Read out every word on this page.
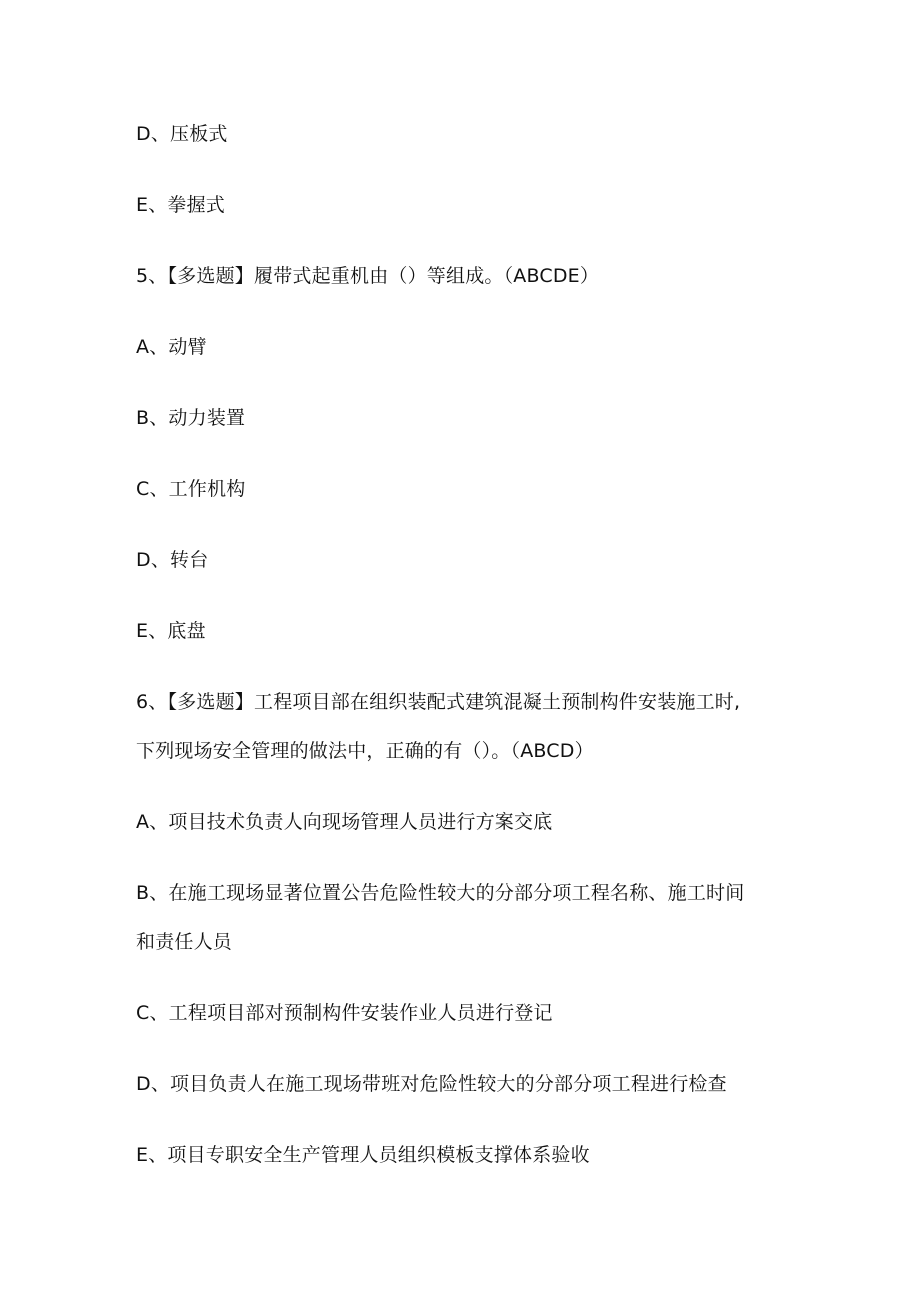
D、压板式
E、拳握式
5、【多选题】履带式起重机由（）等组成。（ABCDE）
A、动臂
B、动力装置
C、工作机构
D、转台
E、底盘
6、【多选题】工程项目部在组织装配式建筑混凝土预制构件安装施工时,
下列现场安全管理的做法中，正确的有（）。（ABCD）
A、项目技术负责人向现场管理人员进行方案交底
B、在施工现场显著位置公告危险性较大的分部分项工程名称、施工时间
和责任人员
C、工程项目部对预制构件安装作业人员进行登记
D、项目负责人在施工现场带班对危险性较大的分部分项工程进行检查
E、项目专职安全生产管理人员组织模板支撑体系验收
